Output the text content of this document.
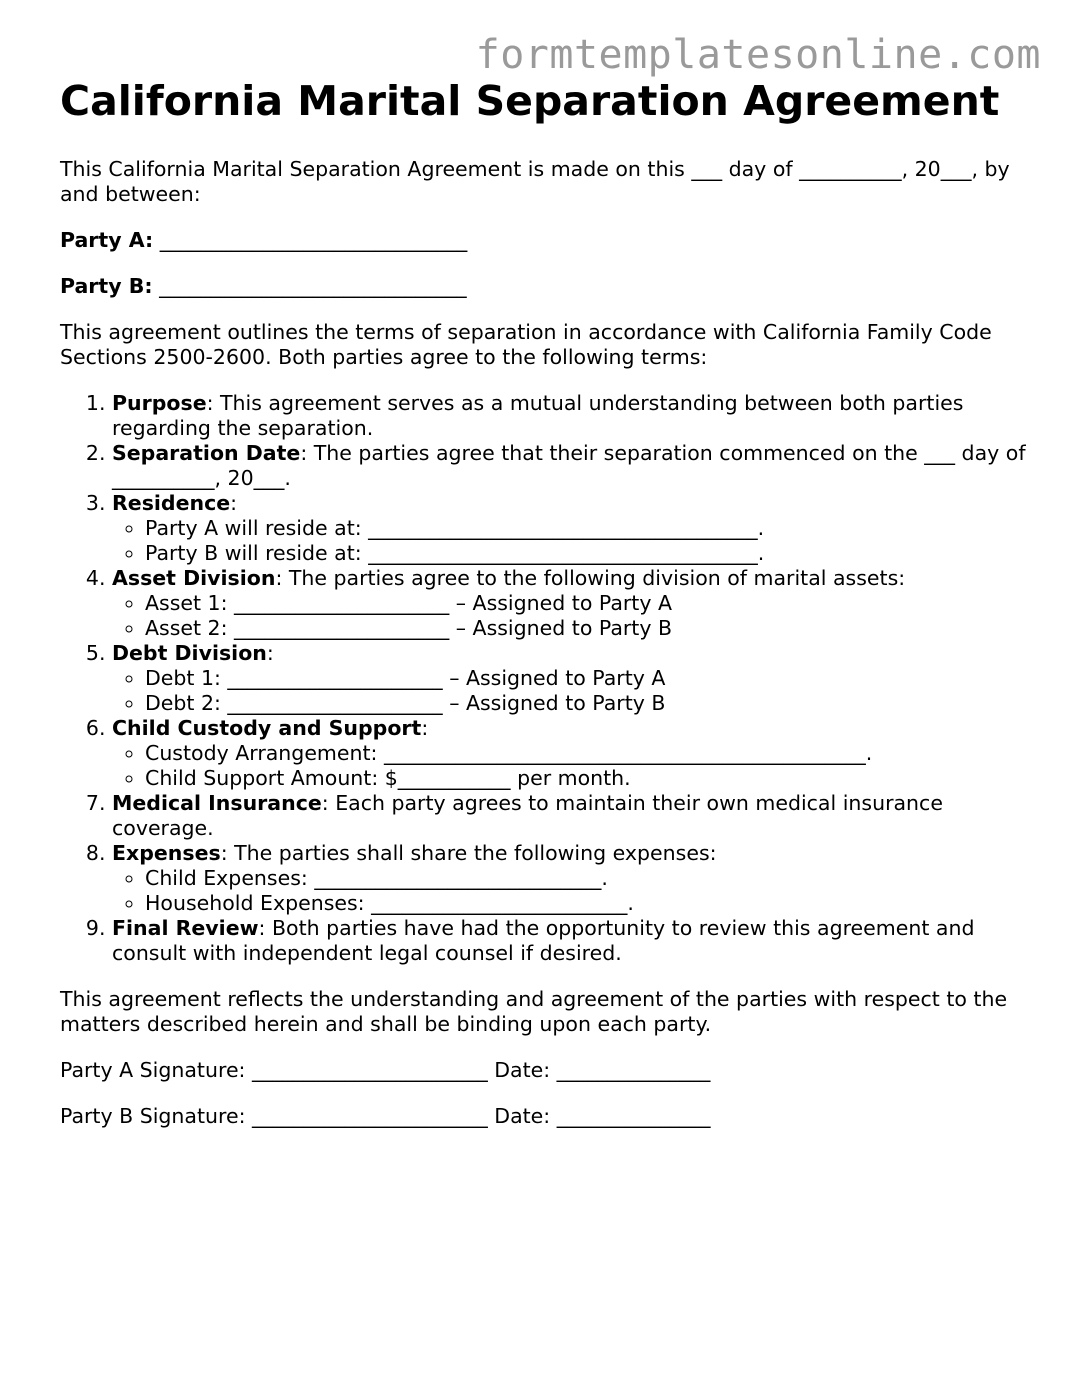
formtemplatesonline.com
California Marital Separation Agreement

This California Marital Separation Agreement is made on this ___ day of __________, 20___, by and between:

Party A: ______________________________

Party B: ______________________________

This agreement outlines the terms of separation in accordance with California Family Code Sections 2500-2600. Both parties agree to the following terms:

1. Purpose: This agreement serves as a mutual understanding between both parties regarding the separation.
2. Separation Date: The parties agree that their separation commenced on the ___ day of __________, 20___.
3. Residence:
◦ Party A will reside at: ______________________________________.
◦ Party B will reside at: ______________________________________.
4. Asset Division: The parties agree to the following division of marital assets:
◦ Asset 1: _____________________ – Assigned to Party A
◦ Asset 2: _____________________ – Assigned to Party B
5. Debt Division:
◦ Debt 1: _____________________ – Assigned to Party A
◦ Debt 2: _____________________ – Assigned to Party B
6. Child Custody and Support:
◦ Custody Arrangement: _______________________________________________.
◦ Child Support Amount: $___________ per month.
7. Medical Insurance: Each party agrees to maintain their own medical insurance coverage.
8. Expenses: The parties shall share the following expenses:
◦ Child Expenses: ____________________________.
◦ Household Expenses: _________________________.
9. Final Review: Both parties have had the opportunity to review this agreement and consult with independent legal counsel if desired.

This agreement reflects the understanding and agreement of the parties with respect to the matters described herein and shall be binding upon each party.

Party A Signature: _______________________ Date: _______________

Party B Signature: _______________________ Date: _______________
